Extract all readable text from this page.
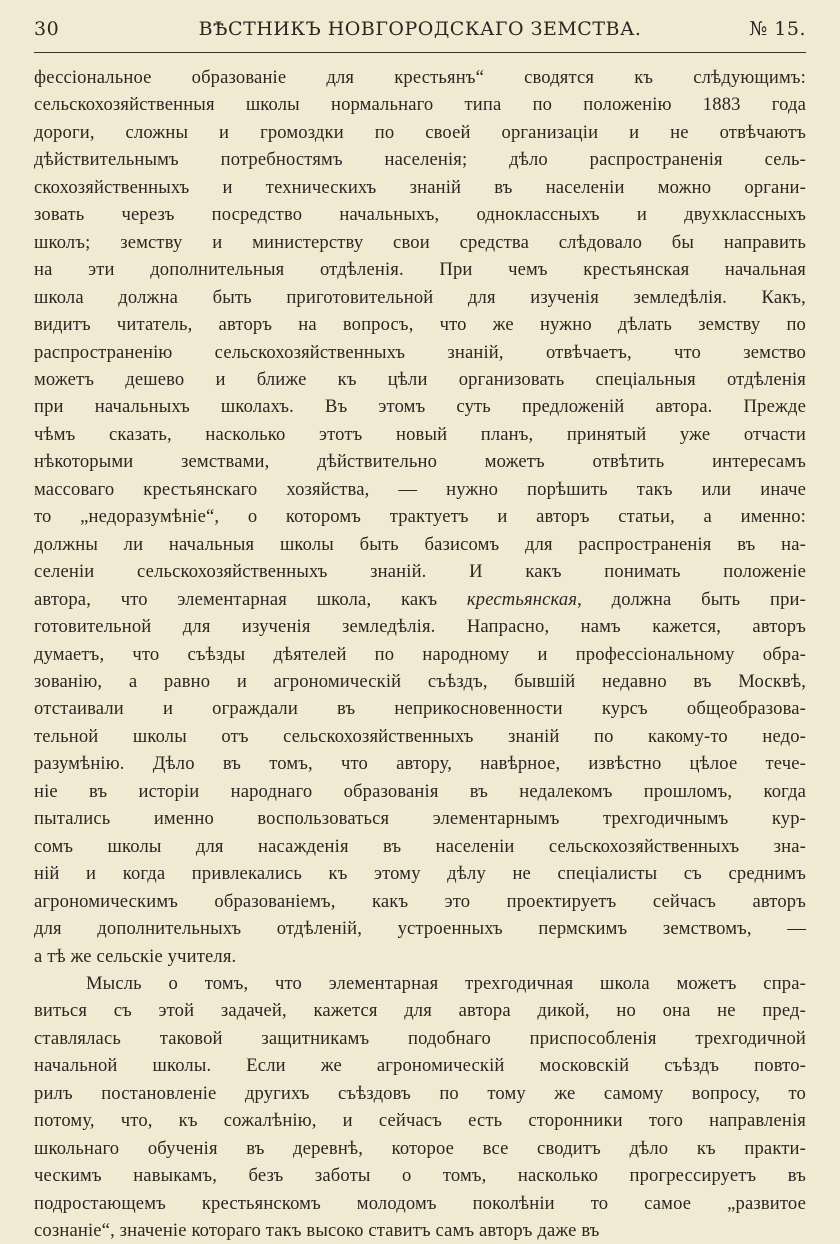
30	ВѢСТНИКЪ НОВГОРОДСКАГО ЗЕМСТВА.	№ 15.

фессіональное образованіе для крестьянъ“ сводятся къ слѣдующимъ:

сельскохозяйственныя школы нормальнаго типа по положенію 1883 года

дороги, сложны и громоздки по своей организаціи и не отвѣчаютъ

дѣйствительнымъ потребностямъ населенія; дѣло распространенія сель-

скохозяйственныхъ и техническихъ знаній въ населеніи можно органи-

зовать черезъ посредство начальныхъ, одноклассныхъ и двухклассныхъ

школъ; земству и министерству свои средства слѣдовало бы направить

на эти дополнительныя отдѣленія. При чемъ крестьянская начальная

школа должна быть приготовительной для изученія земледѣлія. Какъ,

видитъ читатель, авторъ на вопросъ, что же нужно дѣлать земству по

распространенію сельскохозяйственныхъ знаній, отвѣчаетъ, что земство

можетъ дешево и ближе къ цѣли организовать спеціальныя отдѣленія

при начальныхъ школахъ. Въ этомъ суть предложеній автора. Прежде

чѣмъ сказать, насколько этотъ новый планъ, принятый уже отчасти

нѣкоторыми земствами, дѣйствительно можетъ отвѣтить интересамъ

массоваго крестьянскаго хозяйства, — нужно порѣшить такъ или иначе

то „недоразумѣніе“, о которомъ трактуетъ и авторъ статьи, а именно:

должны ли начальныя школы быть базисомъ для распространенія въ на-

селеніи сельскохозяйственныхъ знаній. И какъ понимать положеніе

автора, что элементарная школа, какъ крестьянская, должна быть при-

готовительной для изученія земледѣлія. Напрасно, намъ кажется, авторъ

думаетъ, что съѣзды дѣятелей по народному и профессіональному обра-

зованію, а равно и агрономическій съѣздъ, бывшій недавно въ Москвѣ,

отстаивали и ограждали въ неприкосновенности курсъ общеобразова-

тельной школы отъ сельскохозяйственныхъ знаній по какому-то недо-

разумѣнію. Дѣло въ томъ, что автору, навѣрное, извѣстно цѣлое тече-

ніе въ исторіи народнаго образованія въ недалекомъ прошломъ, когда

пытались именно воспользоваться элементарнымъ трехгодичнымъ кур-

сомъ школы для насажденія въ населеніи сельскохозяйственныхъ зна-

ній и когда привлекались къ этому дѣлу не спеціалисты съ среднимъ

агрономическимъ образованіемъ, какъ это проектируетъ сейчасъ авторъ

для дополнительныхъ отдѣленій, устроенныхъ пермскимъ земствомъ, —

а тѣ же сельскіе учителя.

Мысль о томъ, что элементарная трехгодичная школа можетъ спра-

виться съ этой задачей, кажется для автора дикой, но она не пред-

ставлялась таковой защитникамъ подобнаго приспособленія трехгодичной

начальной школы. Если же агрономическій московскій съѣздъ повто-

рилъ постановленіе другихъ съѣздовъ по тому же самому вопросу, то

потому, что, къ сожалѣнію, и сейчасъ есть сторонники того направленія

школьнаго обученія въ деревнѣ, которое все сводитъ дѣло къ практи-

ческимъ навыкамъ, безъ заботы о томъ, насколько прогрессируетъ въ

подростающемъ крестьянскомъ молодомъ поколѣніи то самое „развитое

сознаніе“, значеніе котораго такъ высоко ставитъ самъ авторъ даже въ
